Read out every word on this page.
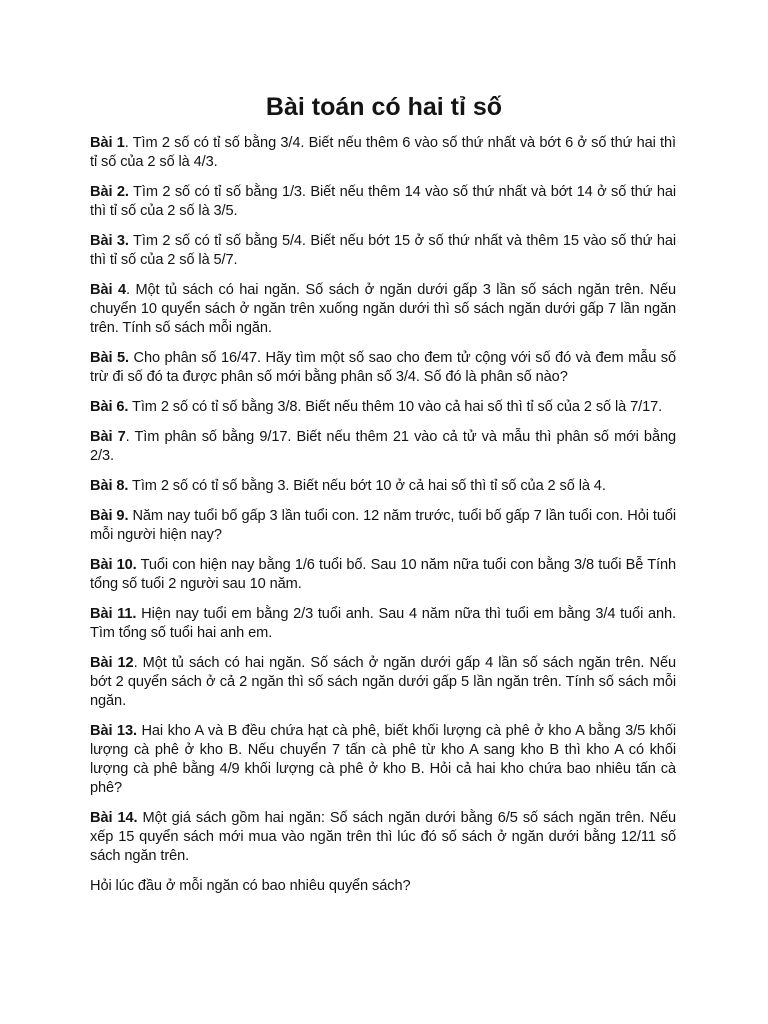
Bài toán có hai tỉ số

Bài 1. Tìm 2 số có tỉ số bằng 3/4. Biết nếu thêm 6 vào số thứ nhất và bớt 6 ở số thứ hai thì tỉ số của 2 số là 4/3.

Bài 2. Tìm 2 số có tỉ số bằng 1/3. Biết nếu thêm 14 vào số thứ nhất và bớt 14 ở số thứ hai thì tỉ số của 2 số là 3/5.

Bài 3. Tìm 2 số có tỉ số bằng 5/4. Biết nếu bớt 15 ở số thứ nhất và thêm 15 vào số thứ hai thì tỉ số của 2 số là 5/7.

Bài 4. Một tủ sách có hai ngăn. Số sách ở ngăn dưới gấp 3 lần số sách ngăn trên. Nếu chuyển 10 quyển sách ở ngăn trên xuống ngăn dưới thì số sách ngăn dưới gấp 7 lần ngăn trên. Tính số sách mỗi ngăn.

Bài 5. Cho phân số 16/47. Hãy tìm một số sao cho đem tử cộng với số đó và đem mẫu số trừ đi số đó ta được phân số mới bằng phân số 3/4. Số đó là phân số nào?

Bài 6. Tìm 2 số có tỉ số bằng 3/8. Biết nếu thêm 10 vào cả hai số thì tỉ số của 2 số là 7/17.

Bài 7. Tìm phân số bằng 9/17. Biết nếu thêm 21 vào cả tử và mẫu thì phân số mới bằng 2/3.

Bài 8. Tìm 2 số có tỉ số bằng 3. Biết nếu bớt 10 ở cả hai số thì tỉ số của 2 số là 4.

Bài 9. Năm nay tuổi bố gấp 3 lần tuổi con. 12 năm trước, tuổi bố gấp 7 lần tuổi con. Hỏi tuổi mỗi người hiện nay?

Bài 10. Tuổi con hiện nay bằng 1/6 tuổi bố. Sau 10 năm nữa tuổi con bằng 3/8 tuổi Bễ Tính tổng số tuổi 2 người sau 10 năm.

Bài 11. Hiện nay tuổi em bằng 2/3 tuổi anh. Sau 4 năm nữa thì tuổi em bằng 3/4 tuổi anh. Tìm tổng số tuổi hai anh em.

Bài 12. Một tủ sách có hai ngăn. Số sách ở ngăn dưới gấp 4 lần số sách ngăn trên. Nếu bớt 2 quyển sách ở cả 2 ngăn thì số sách ngăn dưới gấp 5 lần ngăn trên. Tính số sách mỗi ngăn.

Bài 13. Hai kho A và B đều chứa hạt cà phê, biết khối lượng cà phê ở kho A bằng 3/5 khối lượng cà phê ở kho B. Nếu chuyển 7 tấn cà phê từ kho A sang kho B thì kho A có khối lượng cà phê bằng 4/9 khối lượng cà phê ở kho B. Hỏi cả hai kho chứa bao nhiêu tấn cà phê?

Bài 14. Một giá sách gồm hai ngăn: Số sách ngăn dưới bằng 6/5 số sách ngăn trên. Nếu xếp 15 quyển sách mới mua vào ngăn trên thì lúc đó số sách ở ngăn dưới bằng 12/11 số sách ngăn trên.

Hỏi lúc đầu ở mỗi ngăn có bao nhiêu quyển sách?
